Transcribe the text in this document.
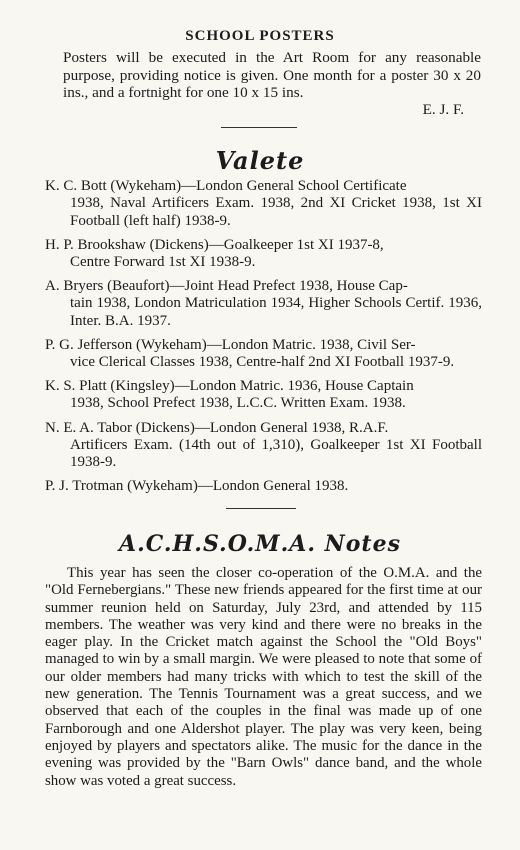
SCHOOL POSTERS
Posters will be executed in the Art Room for any reasonable purpose, providing notice is given. One month for a poster 30 x 20 ins., and a fortnight for one 10 x 15 ins.
E. J. F.
Valete
K. C. Bott (Wykeham)—London General School Certificate
1938, Naval Artificers Exam. 1938, 2nd XI Cricket 1938, 1st XI Football (left half) 1938-9.
H. P. Brookshaw (Dickens)—Goalkeeper 1st XI 1937-8,
Centre Forward 1st XI 1938-9.
A. Bryers (Beaufort)—Joint Head Prefect 1938, House Cap-
tain 1938, London Matriculation 1934, Higher Schools Certif. 1936, Inter. B.A. 1937.
P. G. Jefferson (Wykeham)—London Matric. 1938, Civil Ser-
vice Clerical Classes 1938, Centre-half 2nd XI Football 1937-9.
K. S. Platt (Kingsley)—London Matric. 1936, House Captain
1938, School Prefect 1938, L.C.C. Written Exam. 1938.
N. E. A. Tabor (Dickens)—London General 1938, R.A.F.
Artificers Exam. (14th out of 1,310), Goalkeeper 1st XI Football 1938-9.
P. J. Trotman (Wykeham)—London General 1938.
A.C.H.S.O.M.A. Notes
This year has seen the closer co-operation of the O.M.A. and the "Old Fernebergians." These new friends appeared for the first time at our summer reunion held on Saturday, July 23rd, and attended by 115 members. The weather was very kind and there were no breaks in the eager play. In the Cricket match against the School the "Old Boys" managed to win by a small margin. We were pleased to note that some of our older members had many tricks with which to test the skill of the new generation. The Tennis Tournament was a great success, and we observed that each of the couples in the final was made up of one Farnborough and one Aldershot player. The play was very keen, being enjoyed by players and spectators alike. The music for the dance in the evening was provided by the "Barn Owls" dance band, and the whole show was voted a great success.
